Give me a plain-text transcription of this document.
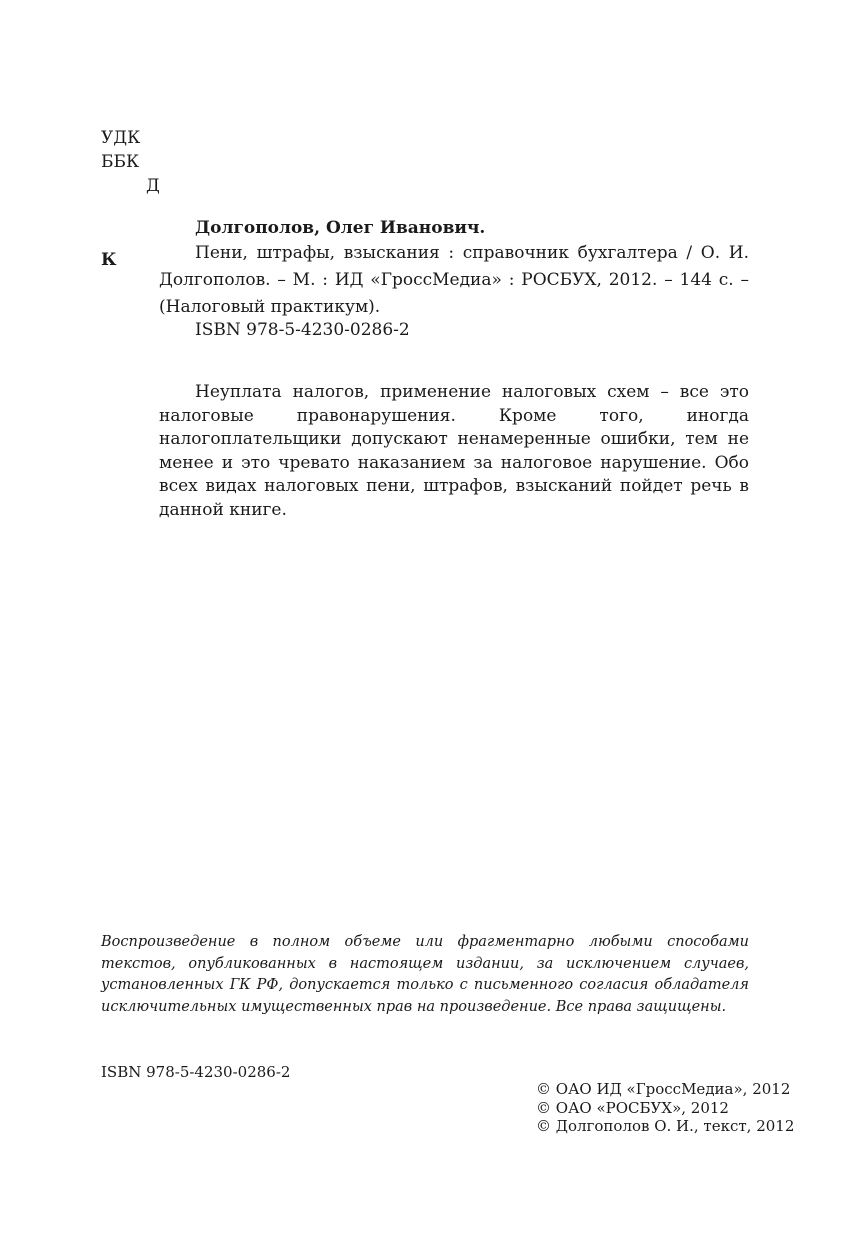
УДК
ББК
Д
К
Долгополов, Олег Иванович.
Пени, штрафы, взыскания : справочник бухгалтера / О. И. Долгополов. – М. : ИД «ГроссМедиа» : РОСБУХ, 2012. – 144 с. – (Налоговый практикум).
ISBN 978-5-4230-0286-2
Неуплата налогов, применение налоговых схем – все это налоговые правонарушения. Кроме того, иногда налогоплательщики допускают ненамеренные ошибки, тем не менее и это чревато наказанием за налоговое нарушение. Обо всех видах налоговых пени, штрафов, взысканий пойдет речь в данной книге.
Воспроизведение в полном объеме или фрагментарно любыми способами текстов, опубликованных в настоящем издании, за исключением случаев, установленных ГК РФ, допускается только с письменного согласия обладателя исключительных имущественных прав на произведение. Все права защищены.
ISBN 978-5-4230-0286-2
© ОАО ИД «ГроссМедиа», 2012
© ОАО «РОСБУХ», 2012
© Долгополов О. И., текст, 2012
